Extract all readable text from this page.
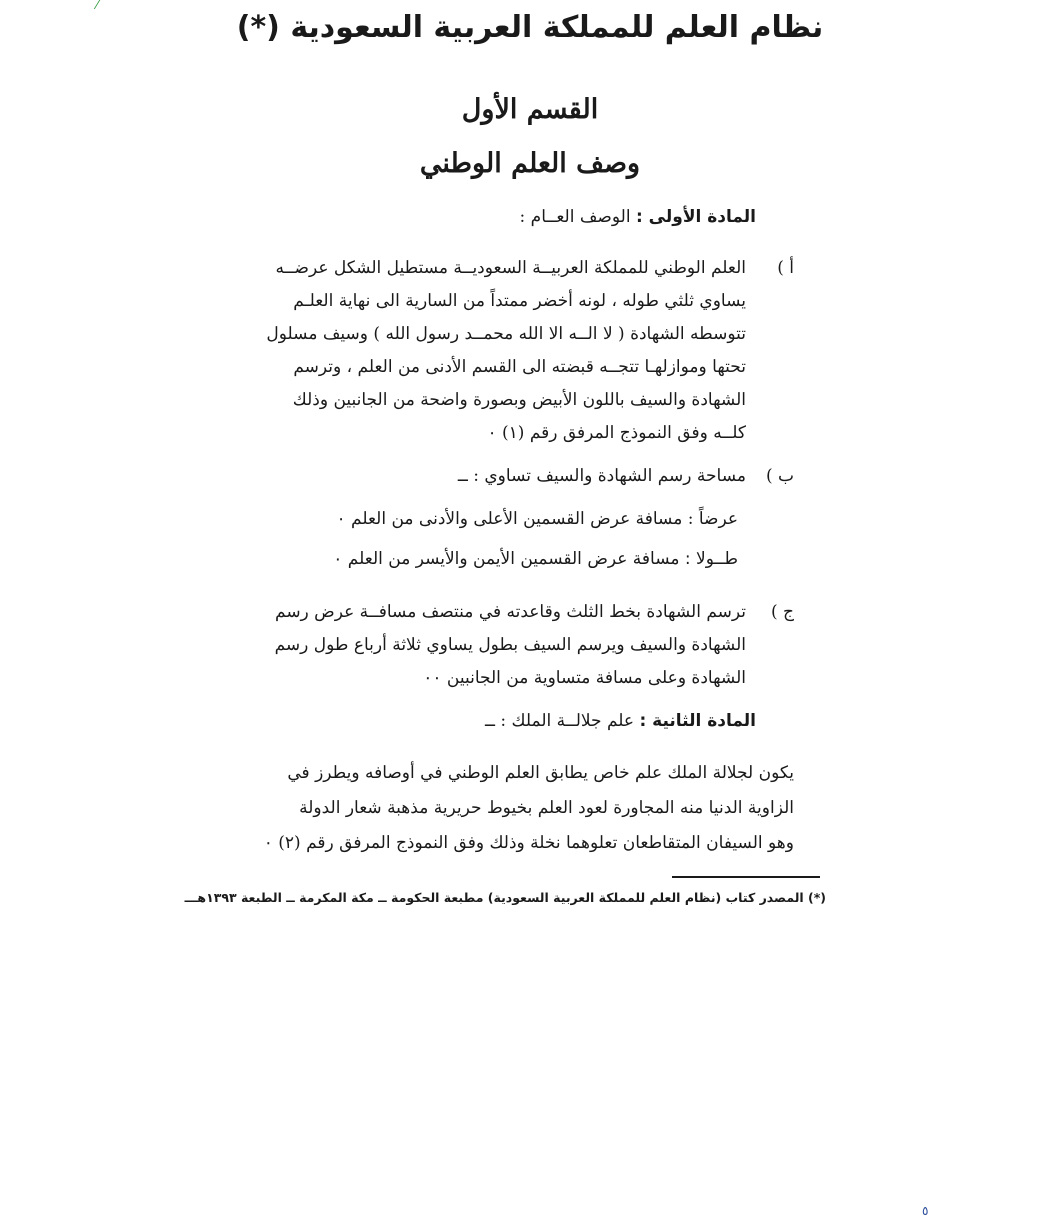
⁄
نظام العلم للمملكة العربية السعودية (*)
القسم الأول
وصف العلم الوطني
المادة الأولى : الوصف العــام :
أ )
العلم الوطني للمملكة العربيــة السعوديــة مستطيل الشكل عرضــه
يساوي ثلثي طوله ، لونه أخضر ممتداً من السارية الى نهاية العلـم
تتوسطه الشهادة ( لا الــه الا الله محمــد رسول الله ) وسيف مسلول
تحتها وموازلهـا تتجــه قبضته الى القسم الأدنى من العلم ، وترسم
الشهادة والسيف باللون الأبيض وبصورة واضحة من الجانبين وذلك
كلــه وفق النموذج المرفق رقم (١) ٠
ب )
مساحة رسم الشهادة والسيف تساوي : ــ
عرضاً : مسافة عرض القسمين الأعلى والأدنى من العلم ٠
طــولا : مسافة عرض القسمين الأيمن والأيسر من العلم ٠
ج )
ترسم الشهادة بخط الثلث وقاعدته في منتصف مسافــة عرض رسم
الشهادة والسيف ويرسم السيف بطول يساوي ثلاثة أرباع طول رسم
الشهادة وعلى مسافة متساوية من الجانبين ٠٠
المادة الثانية : علم جلالــة الملك : ــ
يكون لجلالة الملك علم خاص يطابق العلم الوطني في أوصافه ويطرز في
الزاوية الدنيا منه المجاورة لعود العلم بخيوط حريرية مذهبة شعار الدولة
وهو السيفان المتقاطعان تعلوهما نخلة وذلك وفق النموذج المرفق رقم (٢) ٠
(*) المصدر كتاب (نظام العلم للمملكة العربية السعودية) مطبعة الحكومة ــ مكة المكرمة ــ الطبعة ١٣٩٣هـــ
٥
